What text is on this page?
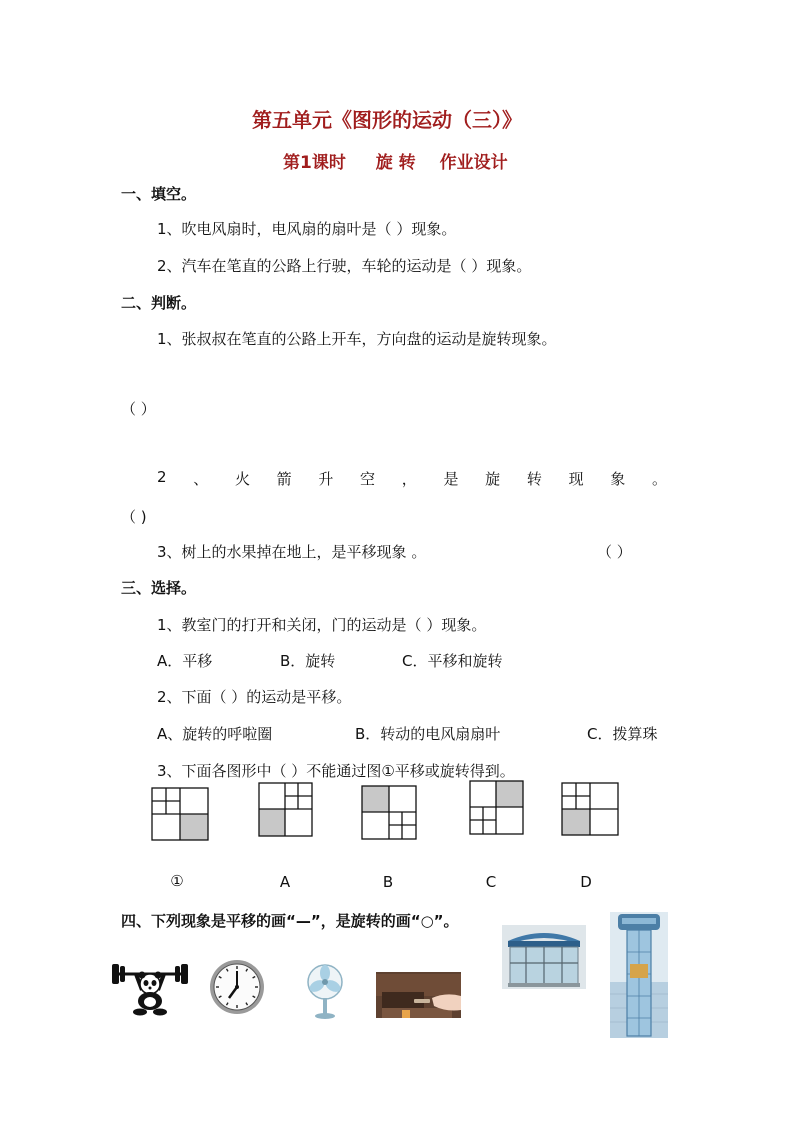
第五单元《图形的运动（三）》
第1课时 旋 转 作业设计
一、填空。
1、吹电风扇时，电风扇的扇叶是（ ）现象。
2、汽车在笔直的公路上行驶，车轮的运动是（ ）现象。
二、判断。
1、张叔叔在笔直的公路上开车，方向盘的运动是旋转现象。
（ ）
2 、 火 箭 升 空 ， 是 旋 转 现 象 。
（ )
3、树上的水果掉在地上，是平移现象 。	（ ）
三、选择。
1、教室门的打开和关闭，门的运动是（ ）现象。
A．平移	B．旋转	C．平移和旋转
2、下面（ ）的运动是平移。
A、旋转的呼啦圈	B．转动的电风扇扇叶	C．拨算珠
3、下面各图形中（ ）不能通过图①平移或旋转得到。
①	A	B	C	D
四、下列现象是平移的画“—”，是旋转的画“○”。
